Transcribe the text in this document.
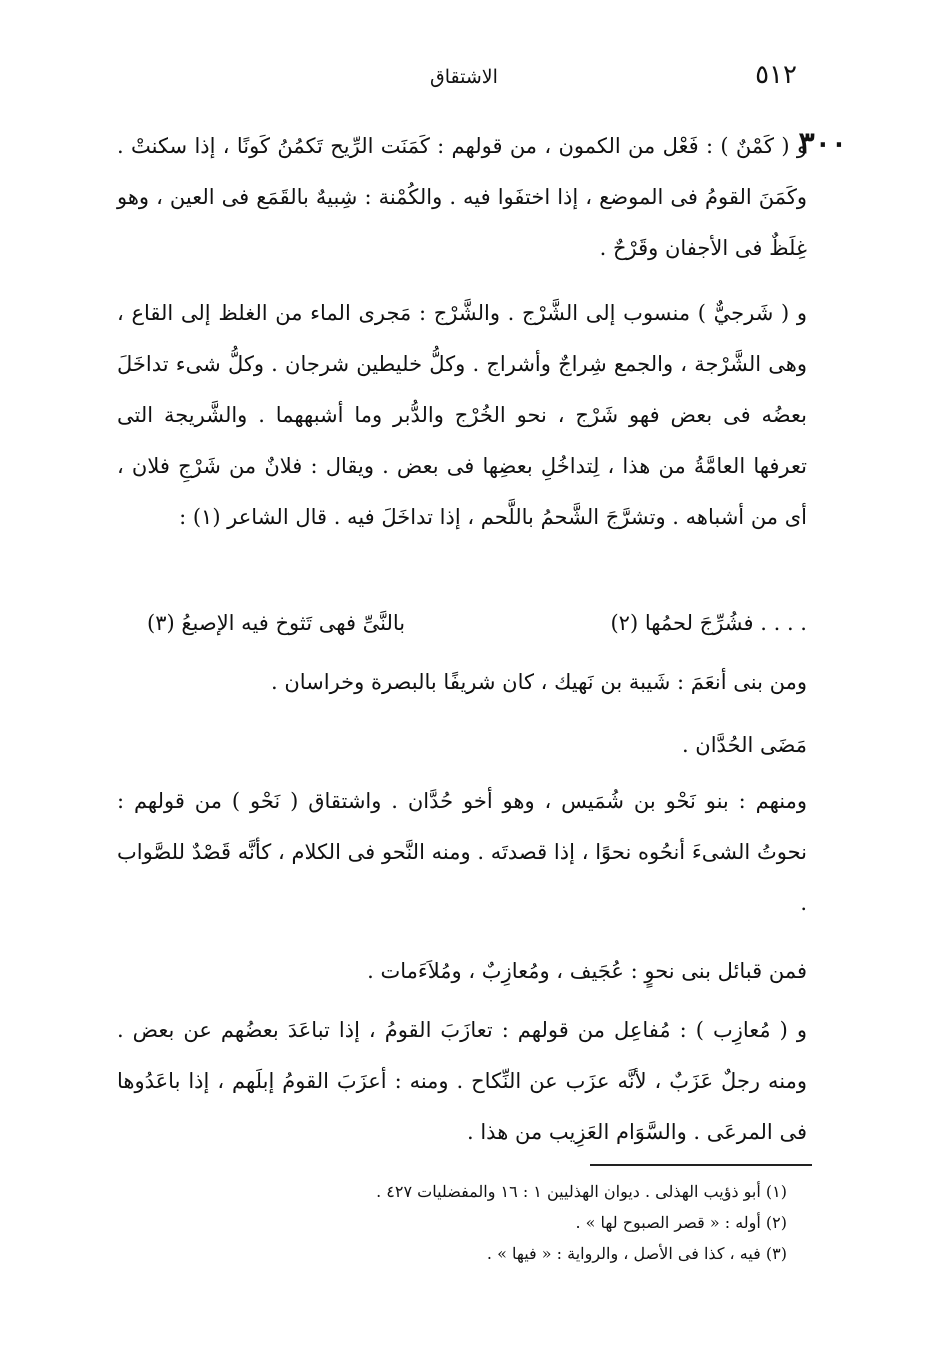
٥١٢
الاشتقاق
٣٠٠

و ( كَمْنٌ ) : فَعْل من الكمون ، من قولهم : كَمَنَت الرِّيح تَكمُنُ كَونًا ، إذا سكنتْ . وكَمَنَ القومُ فى الموضع ، إذا اختفَوا فيه . والكُمْنة : شِبيهٌ بالقَمَع فى العين ، وهو غِلَظٌ فى الأجفان وقَرْحٌ .

و ( شَرجيٌّ ) منسوب إلى الشَّرْج . والشَّرْج : مَجرى الماء من الغلظ إلى القاع ، وهى الشَّرْجة ، والجمع شِراجٌ وأشراج . وكلُّ خليطين شرجان . وكلُّ شىء تداخَلَ بعضُه فى بعض فهو شَرْج ، نحو الخُرْج والدُّبر وما أشبههما . والشَّريجة التى تعرفها العامَّةُ من هذا ، لِتداخُلِ بعضِها فى بعض . ويقال : فلانٌ من شَرْجِ فلان ، أى من أشباهه . وتشرَّجَ الشَّحمُ باللَّحم ، إذا تداخَلَ فيه . قال الشاعر (١) :

. . . . فشُرِّجَ لحمُها (٢)
بالنَّىِّ فهى تَثوخ فيه الإصبعُ (٣)

ومن بنى أنعَمَ : شَيبة بن نَهيك ، كان شريفًا بالبصرة وخراسان .

مَضَى الحُدَّان .

ومنهم : بنو نَحْو بن شُمَيس ، وهو أخو حُدَّان . واشتقاق ( نَحْو ) من قولهم : نحوتُ الشىءَ أنحُوه نحوًا ، إذا قصدتَه . ومنه النَّحو فى الكلام ، كأنَّه قَصْدٌ للصَّواب .

فمن قبائل بنى نحوٍ : عُجَيف ، ومُعازِبٌ ، ومُلاَءَمات .

و ( مُعازِب ) : مُفاعِل من قولهم : تعازَبَ القومُ ، إذا تباعَدَ بعضُهم عن بعض . ومنه رجلٌ عَزَبٌ ، لأنَّه عزَب عن النِّكاح . ومنه : أعزَبَ القومُ إبلَهم ، إذا باعَدُوها فى المرعَى . والسَّوَام العَزِيب من هذا .

(١) أبو ذؤيب الهذلى . ديوان الهذليين ١ : ١٦ والمفضليات ٤٢٧ .

(٢) أوله : « قصر الصبوح لها » .

(٣) فيه ، كذا فى الأصل ، والرواية : « فيها » .
